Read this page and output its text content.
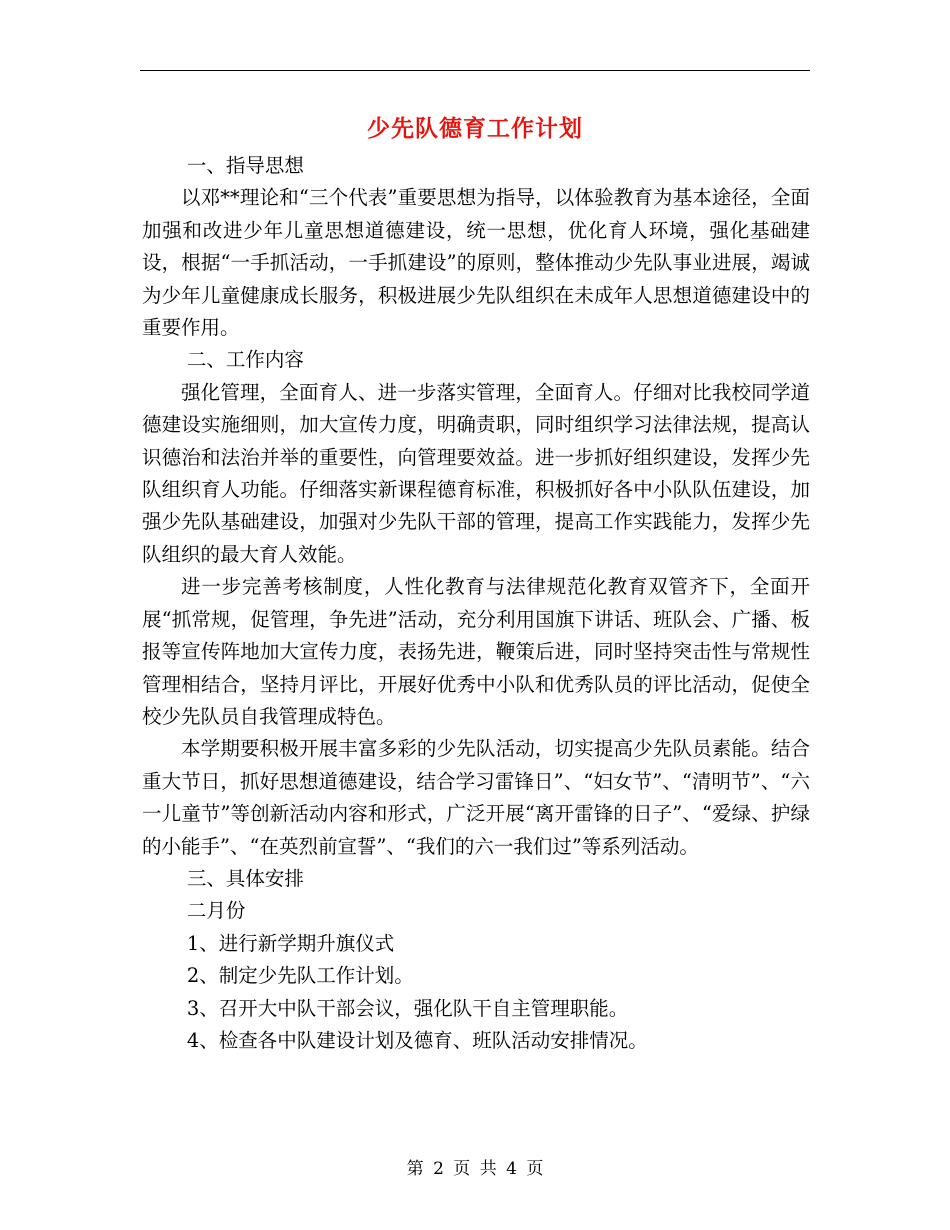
少先队德育工作计划

一、指导思想

以邓**理论和“三个代表”重要思想为指导，以体验教育为基本途径，全面加强和改进少年儿童思想道德建设，统一思想，优化育人环境，强化基础建设，根据“一手抓活动，一手抓建设”的原则，整体推动少先队事业进展，竭诚为少年儿童健康成长服务，积极进展少先队组织在未成年人思想道德建设中的重要作用。

二、工作内容

强化管理，全面育人、进一步落实管理，全面育人。仔细对比我校同学道德建设实施细则，加大宣传力度，明确责职，同时组织学习法律法规，提高认识德治和法治并举的重要性，向管理要效益。进一步抓好组织建设，发挥少先队组织育人功能。仔细落实新课程德育标准，积极抓好各中小队队伍建设，加强少先队基础建设，加强对少先队干部的管理，提高工作实践能力，发挥少先队组织的最大育人效能。

进一步完善考核制度，人性化教育与法律规范化教育双管齐下，全面开展“抓常规，促管理，争先进”活动，充分利用国旗下讲话、班队会、广播、板报等宣传阵地加大宣传力度，表扬先进，鞭策后进，同时坚持突击性与常规性管理相结合，坚持月评比，开展好优秀中小队和优秀队员的评比活动，促使全校少先队员自我管理成特色。

本学期要积极开展丰富多彩的少先队活动，切实提高少先队员素能。结合重大节日，抓好思想道德建设，结合学习雷锋日”、“妇女节”、“清明节”、“六一儿童节”等创新活动内容和形式，广泛开展“离开雷锋的日子”、“爱绿、护绿的小能手”、“在英烈前宣誓”、“我们的六一我们过”等系列活动。

三、具体安排

二月份

1、进行新学期升旗仪式

2、制定少先队工作计划。

3、召开大中队干部会议，强化队干自主管理职能。

4、检查各中队建设计划及德育、班队活动安排情况。

第 2 页 共 4 页
